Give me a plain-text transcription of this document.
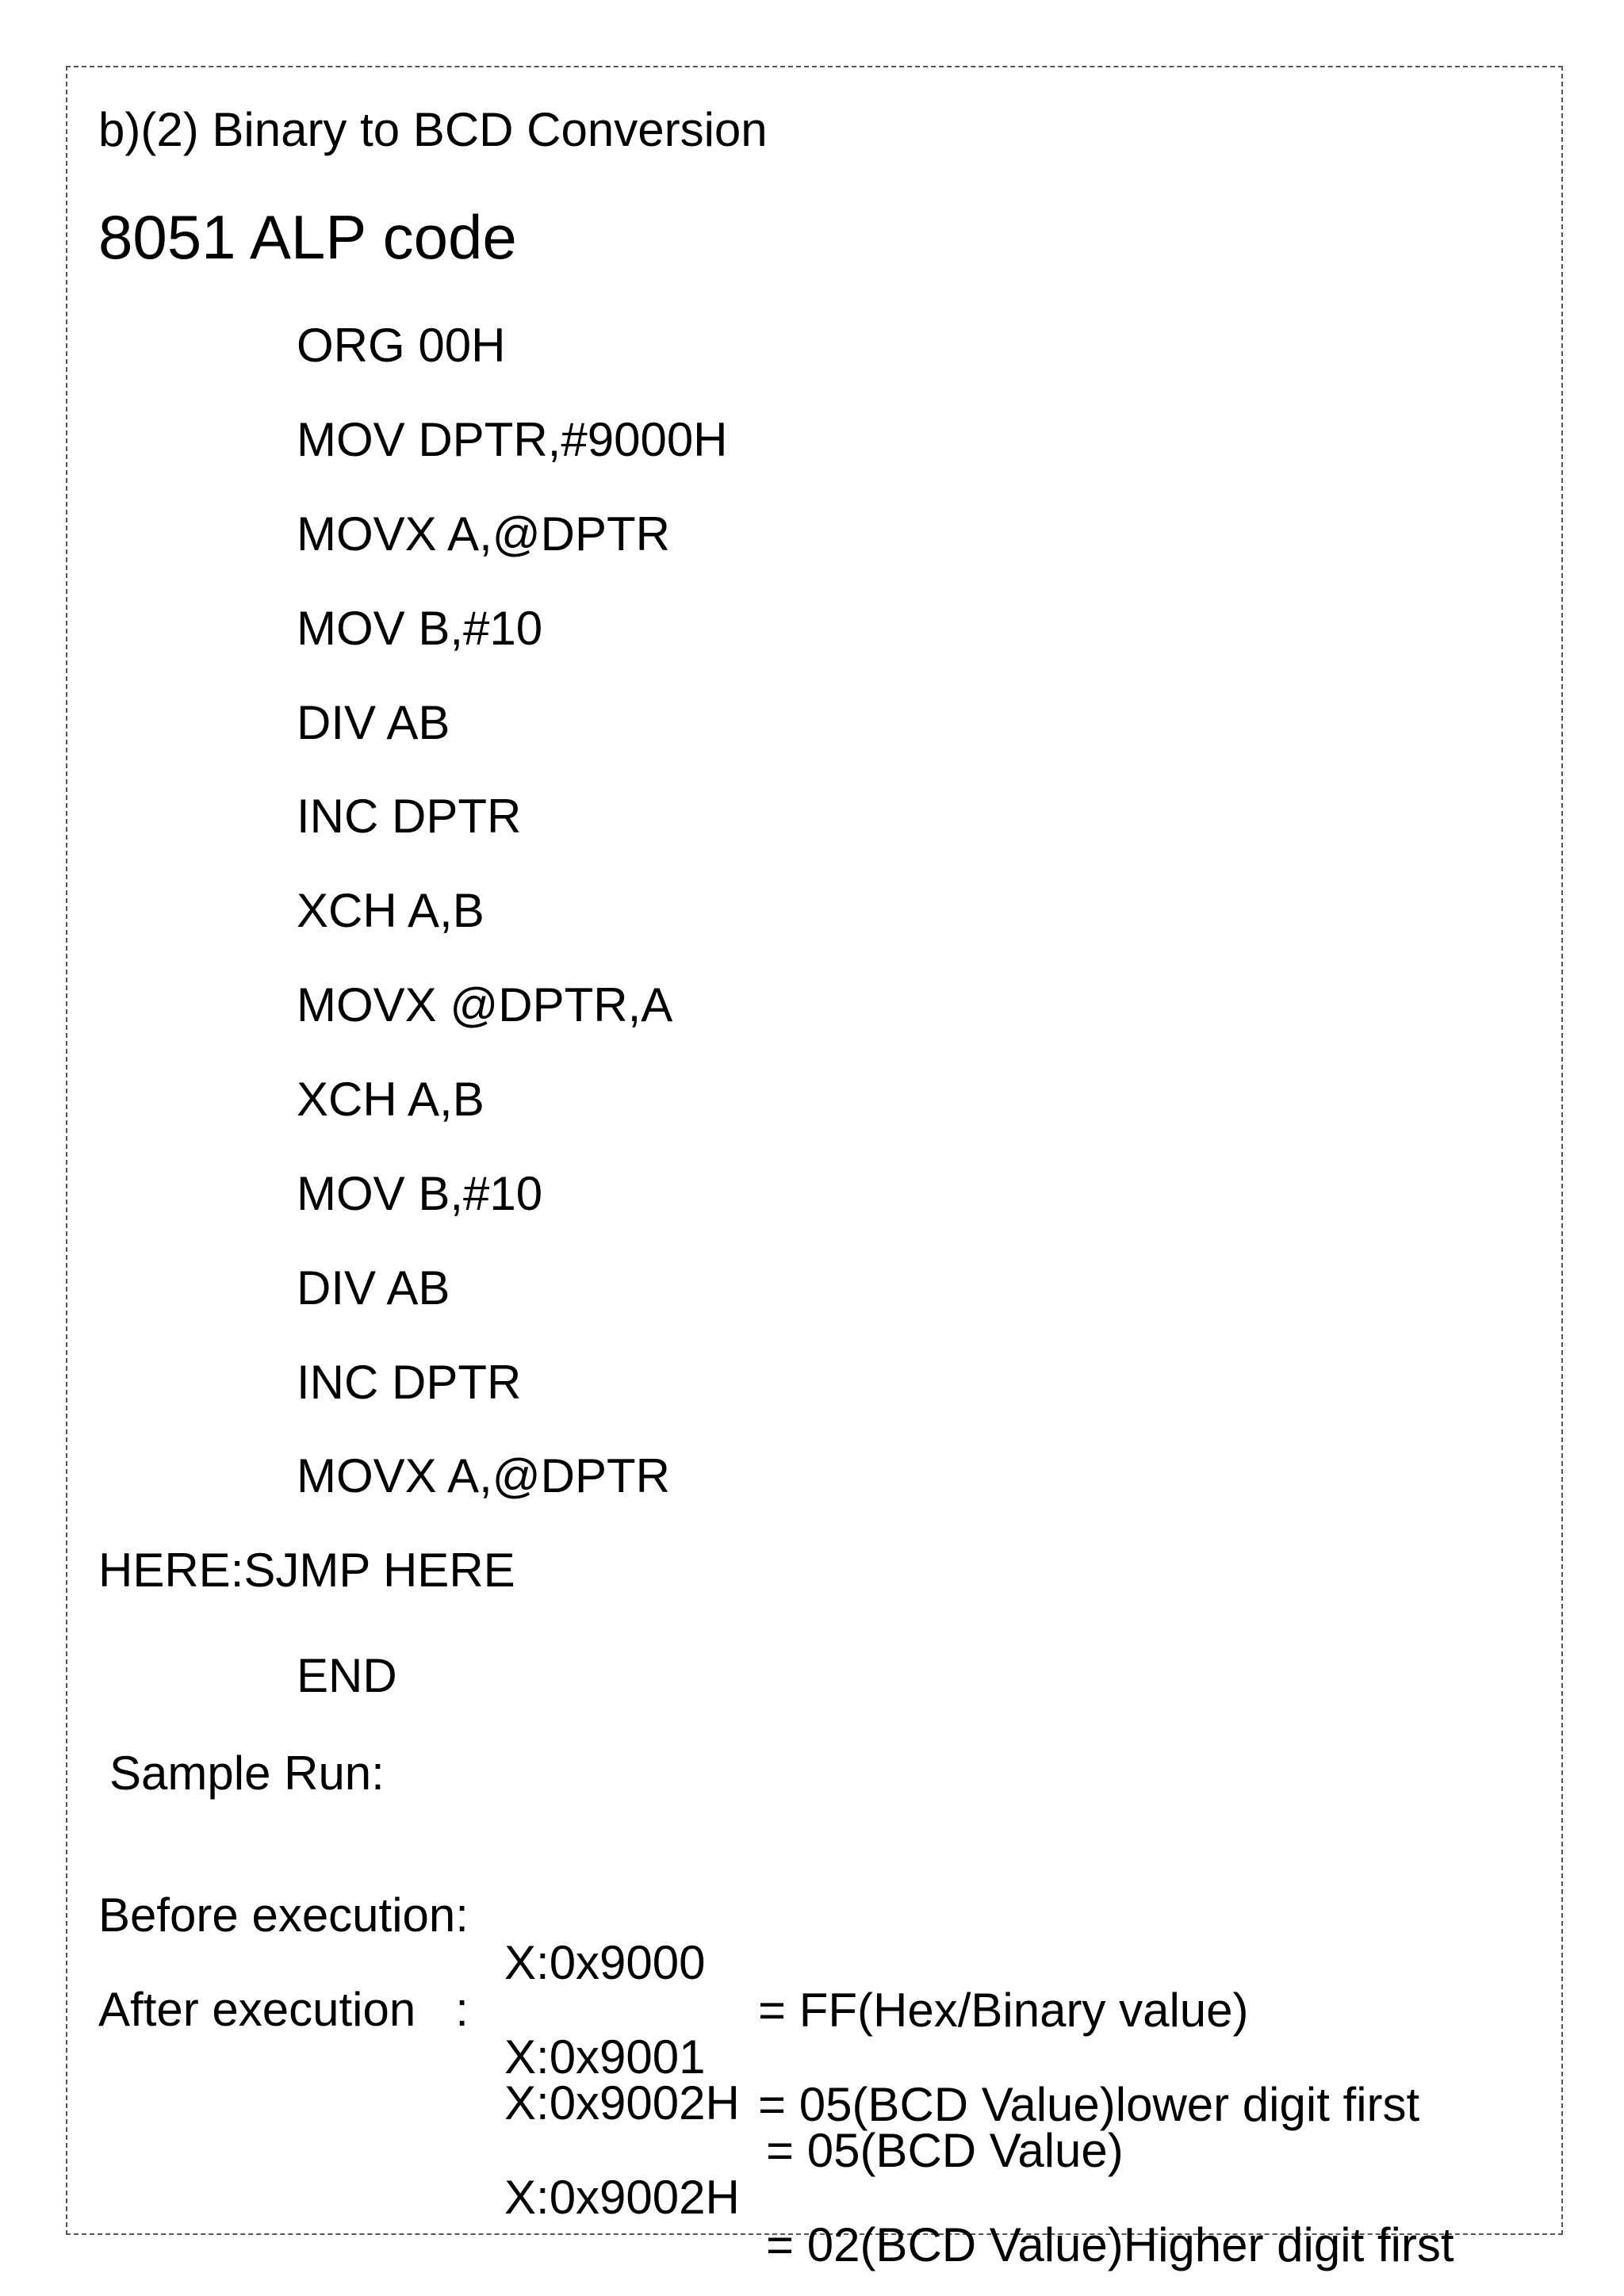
b)(2) Binary to BCD Conversion
8051 ALP code
ORG 00H
MOV DPTR,#9000H
MOVX A,@DPTR
MOV B,#10
DIV AB
INC DPTR
XCH A,B
MOVX @DPTR,A
XCH A,B
MOV B,#10
DIV AB
INC DPTR
MOVX A,@DPTR
HERE:SJMP HERE
END
Sample Run:

Before execution:

X:0x9000

= FF(Hex/Binary value)

After execution   :

X:0x9001

= 05(BCD Value)lower digit first

X:0x9002H

= 05(BCD Value)

X:0x9002H

= 02(BCD Value)Higher digit first
